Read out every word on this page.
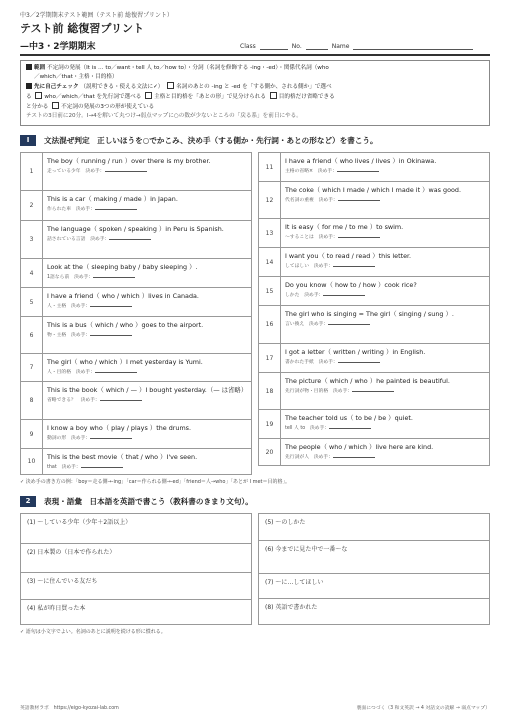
中3／2学期期末テスト範囲（テスト前 総復習プリント）
テスト前 総復習プリント
—中3・2学期期末	Class	No.	Name
範囲 不定詞の発展（It is … to／want・tell 人 to／how to）・分詞（名詞を修飾する -ing・-ed）・関係代名詞（who
／which／that・主格・目的格）
先に自己チェック （説明できる・使える文法に✓） 名詞のあとの -ing と -ed を「する側か、される側か」で選べ
る who／which／that を先行詞で選べる 主格と目的格を「あとの形」で見分けられる 目的格だけ省略できる
と分かる 不定詞の発展の3つの形が使えている
テストの3日前に20分。Ⅰ→4を解いて丸つけ→弱点マップに○の数が少ないところの「戻る系」を前日にやる。
Ⅰ	文法混ぜ判定　正しいほうを○でかこみ、決め手（する側か・先行詞・あとの形など）を書こう。
1
The boy（ running / run ）over there is my brother.
走っている少年　 決め手：
2
This is a car（ making / made ）in Japan.
作られた車　 決め手：
3
The language（ spoken / speaking ）in Peru is Spanish.
話されている言語　 決め手：
4
Look at the（ sleeping baby / baby sleeping ）.
1語なら前　 決め手：
5
I have a friend（ who / which ）lives in Canada.
人・主格　 決め手：
6
This is a bus（ which / who ）goes to the airport.
物・主格　 決め手：
7
The girl（ who / which ）I met yesterday is Yumi.
人・目的格　 決め手：
8
This is the book（ which / — ）I bought yesterday.（— は省略）
省略できる？　 決め手：
9
I know a boy who（ play / plays ）the drums.
動詞の形　 決め手：
10
This is the best movie（ that / who ）I've seen.
that　 決め手：
11
I have a friend（ who lives / lives ）in Okinawa.
主格の省略×　 決め手：
12
The coke（ which I made / which I made it ）was good.
代名詞の重複　 決め手：
13
It is easy（ for me / to me ）to swim.
～することは　 決め手：
14
I want you（ to read / read ）this letter.
してほしい　 決め手：
15
Do you know（ how to / how ）cook rice?
しかた　 決め手：
16
The girl who is singing = The girl（ singing / sung ）.
言い換え　 決め手：
17
I got a letter（ written / writing ）in English.
書かれた手紙　 決め手：
18
The picture（ which / who ）he painted is beautiful.
先行詞が物・目的格　 決め手：
19
The teacher told us（ to be / be ）quiet.
tell 人 to　 決め手：
20
The people（ who / which ）live here are kind.
先行詞が人　 決め手：
✓ 決め手の書き方の例：「boy＝走る側→-ing」「car＝作られる側→-ed」「friend＝人→who」「あとが I met＝目的格」。
2	表現・語彙　日本語を英語で書こう（教科書のきまり文句）。
(1) ～している少年（少年＋2語以上）
(2) 日本製の（日本で作られた）
(3) ～に住んでいる友だち
(4) 私が昨日買った本
(5) ～のしかた
(6) 今までに見た中で一番～な
(7) ～に…してほしい
(8) 英語で書かれた
✓ 語句は小文字でよい。名詞のあとに説明を続ける形に慣れる。
英語教材ラボ　https://eigo-kyozai-lab.com	裏面につづく（3 和文英訳 → 4 対話文の読解 → 弱点マップ）
